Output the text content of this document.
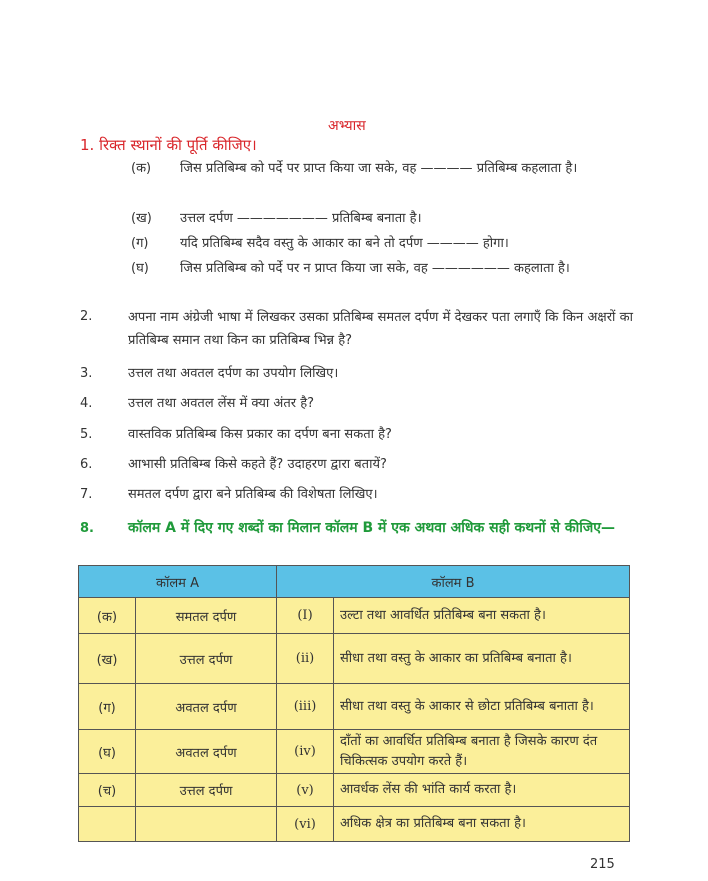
अभ्यास
1. रिक्त स्थानों की पूर्ति कीजिए।
(क)	जिस प्रतिबिम्ब को पर्दे पर प्राप्त किया जा सके, वह ———— प्रतिबिम्ब कहलाता है।
(ख)	उत्तल दर्पण ——————— प्रतिबिम्ब बनाता है।
(ग)	यदि प्रतिबिम्ब सदैव वस्तु के आकार का बने तो दर्पण ———— होगा।
(घ)	जिस प्रतिबिम्ब को पर्दे पर न प्राप्त किया जा सके, वह —————— कहलाता है।
2.	अपना नाम अंग्रेजी भाषा में लिखकर उसका प्रतिबिम्ब समतल दर्पण में देखकर पता लगाएँ कि किन अक्षरों का प्रतिबिम्ब समान तथा किन का प्रतिबिम्ब भिन्न है?
3.	उत्तल तथा अवतल दर्पण का उपयोग लिखिए।
4.	उत्तल तथा अवतल लेंस में क्या अंतर है?
5.	वास्तविक प्रतिबिम्ब किस प्रकार का दर्पण बना सकता है?
6.	आभासी प्रतिबिम्ब किसे कहते हैं? उदाहरण द्वारा बतायें?
7.	समतल दर्पण द्वारा बने प्रतिबिम्ब की विशेषता लिखिए।
8.	कॉलम A में दिए गए शब्दों का मिलान कॉलम B में एक अथवा अधिक सही कथनों से कीजिए—
कॉलम A		कॉलम B	
(क)	समतल दर्पण	(I)	उल्टा तथा आवर्धित प्रतिबिम्ब बना सकता है।
(ख)	उत्तल दर्पण	(ii)	सीधा तथा वस्तु के आकार का प्रतिबिम्ब बनाता है।
(ग)	अवतल दर्पण	(iii)	सीधा तथा वस्तु के आकार से छोटा प्रतिबिम्ब बनाता है।
(घ)	अवतल दर्पण	(iv)	दाँतों का आवर्धित प्रतिबिम्ब बनाता है जिसके कारण दंत चिकित्सक उपयोग करते हैं।
(च)	उत्तल दर्पण	(v)	आवर्धक लेंस की भांति कार्य करता है।
		(vi)	अधिक क्षेत्र का प्रतिबिम्ब बना सकता है।
215
